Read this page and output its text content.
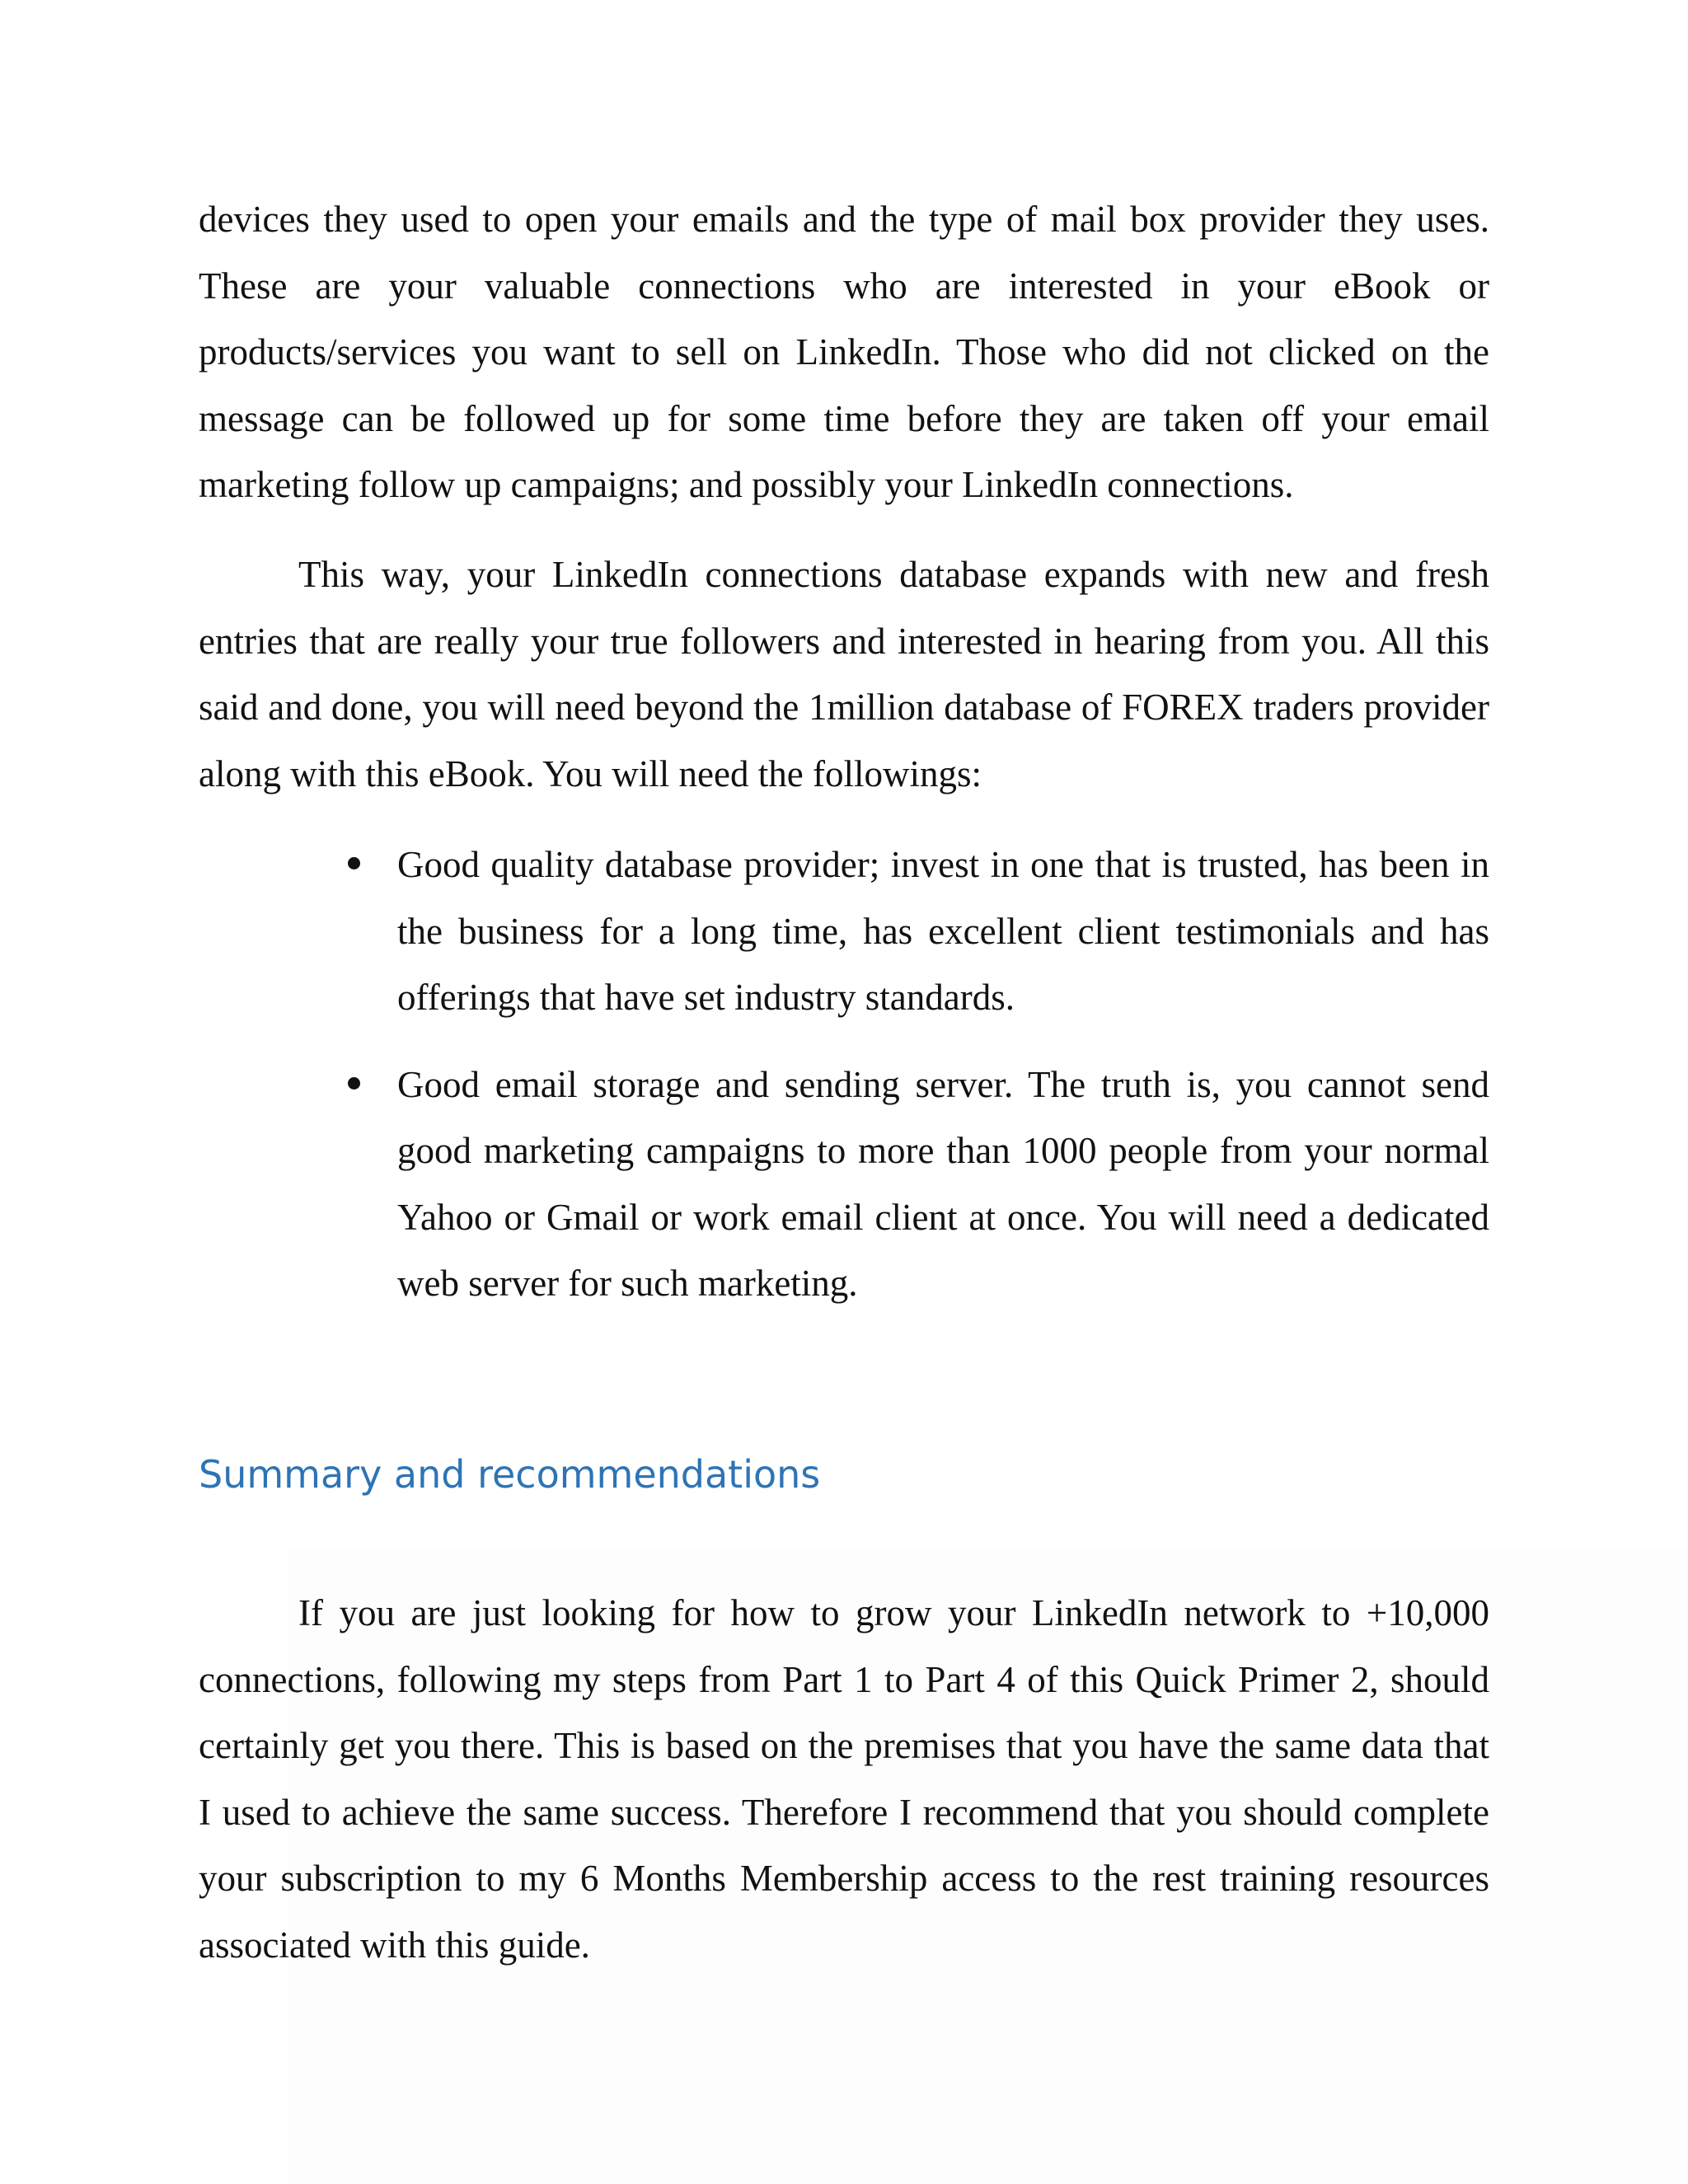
devices they used to open your emails and the type of mail box provider they uses. These are your valuable connections who are interested in your eBook or products/services you want to sell on LinkedIn. Those who did not clicked on the message can be followed up for some time before they are taken off your email marketing follow up campaigns; and possibly your LinkedIn connections.

This way, your LinkedIn connections database expands with new and fresh entries that are really your true followers and interested in hearing from you. All this said and done, you will need beyond the 1million database of FOREX traders provider along with this eBook. You will need the followings:

Good quality database provider; invest in one that is trusted, has been in the business for a long time, has excellent client testimonials and has offerings that have set industry standards.
Good email storage and sending server. The truth is, you cannot send good marketing campaigns to more than 1000 people from your normal Yahoo or Gmail or work email client at once. You will need a dedicated web server for such marketing.
Summary and recommendations

If you are just looking for how to grow your LinkedIn network to +10,000 connections, following my steps from Part 1 to Part 4 of this Quick Primer 2, should certainly get you there. This is based on the premises that you have the same data that I used to achieve the same success. Therefore I recommend that you should complete your subscription to my 6 Months Membership access to the rest training resources associated with this guide.
